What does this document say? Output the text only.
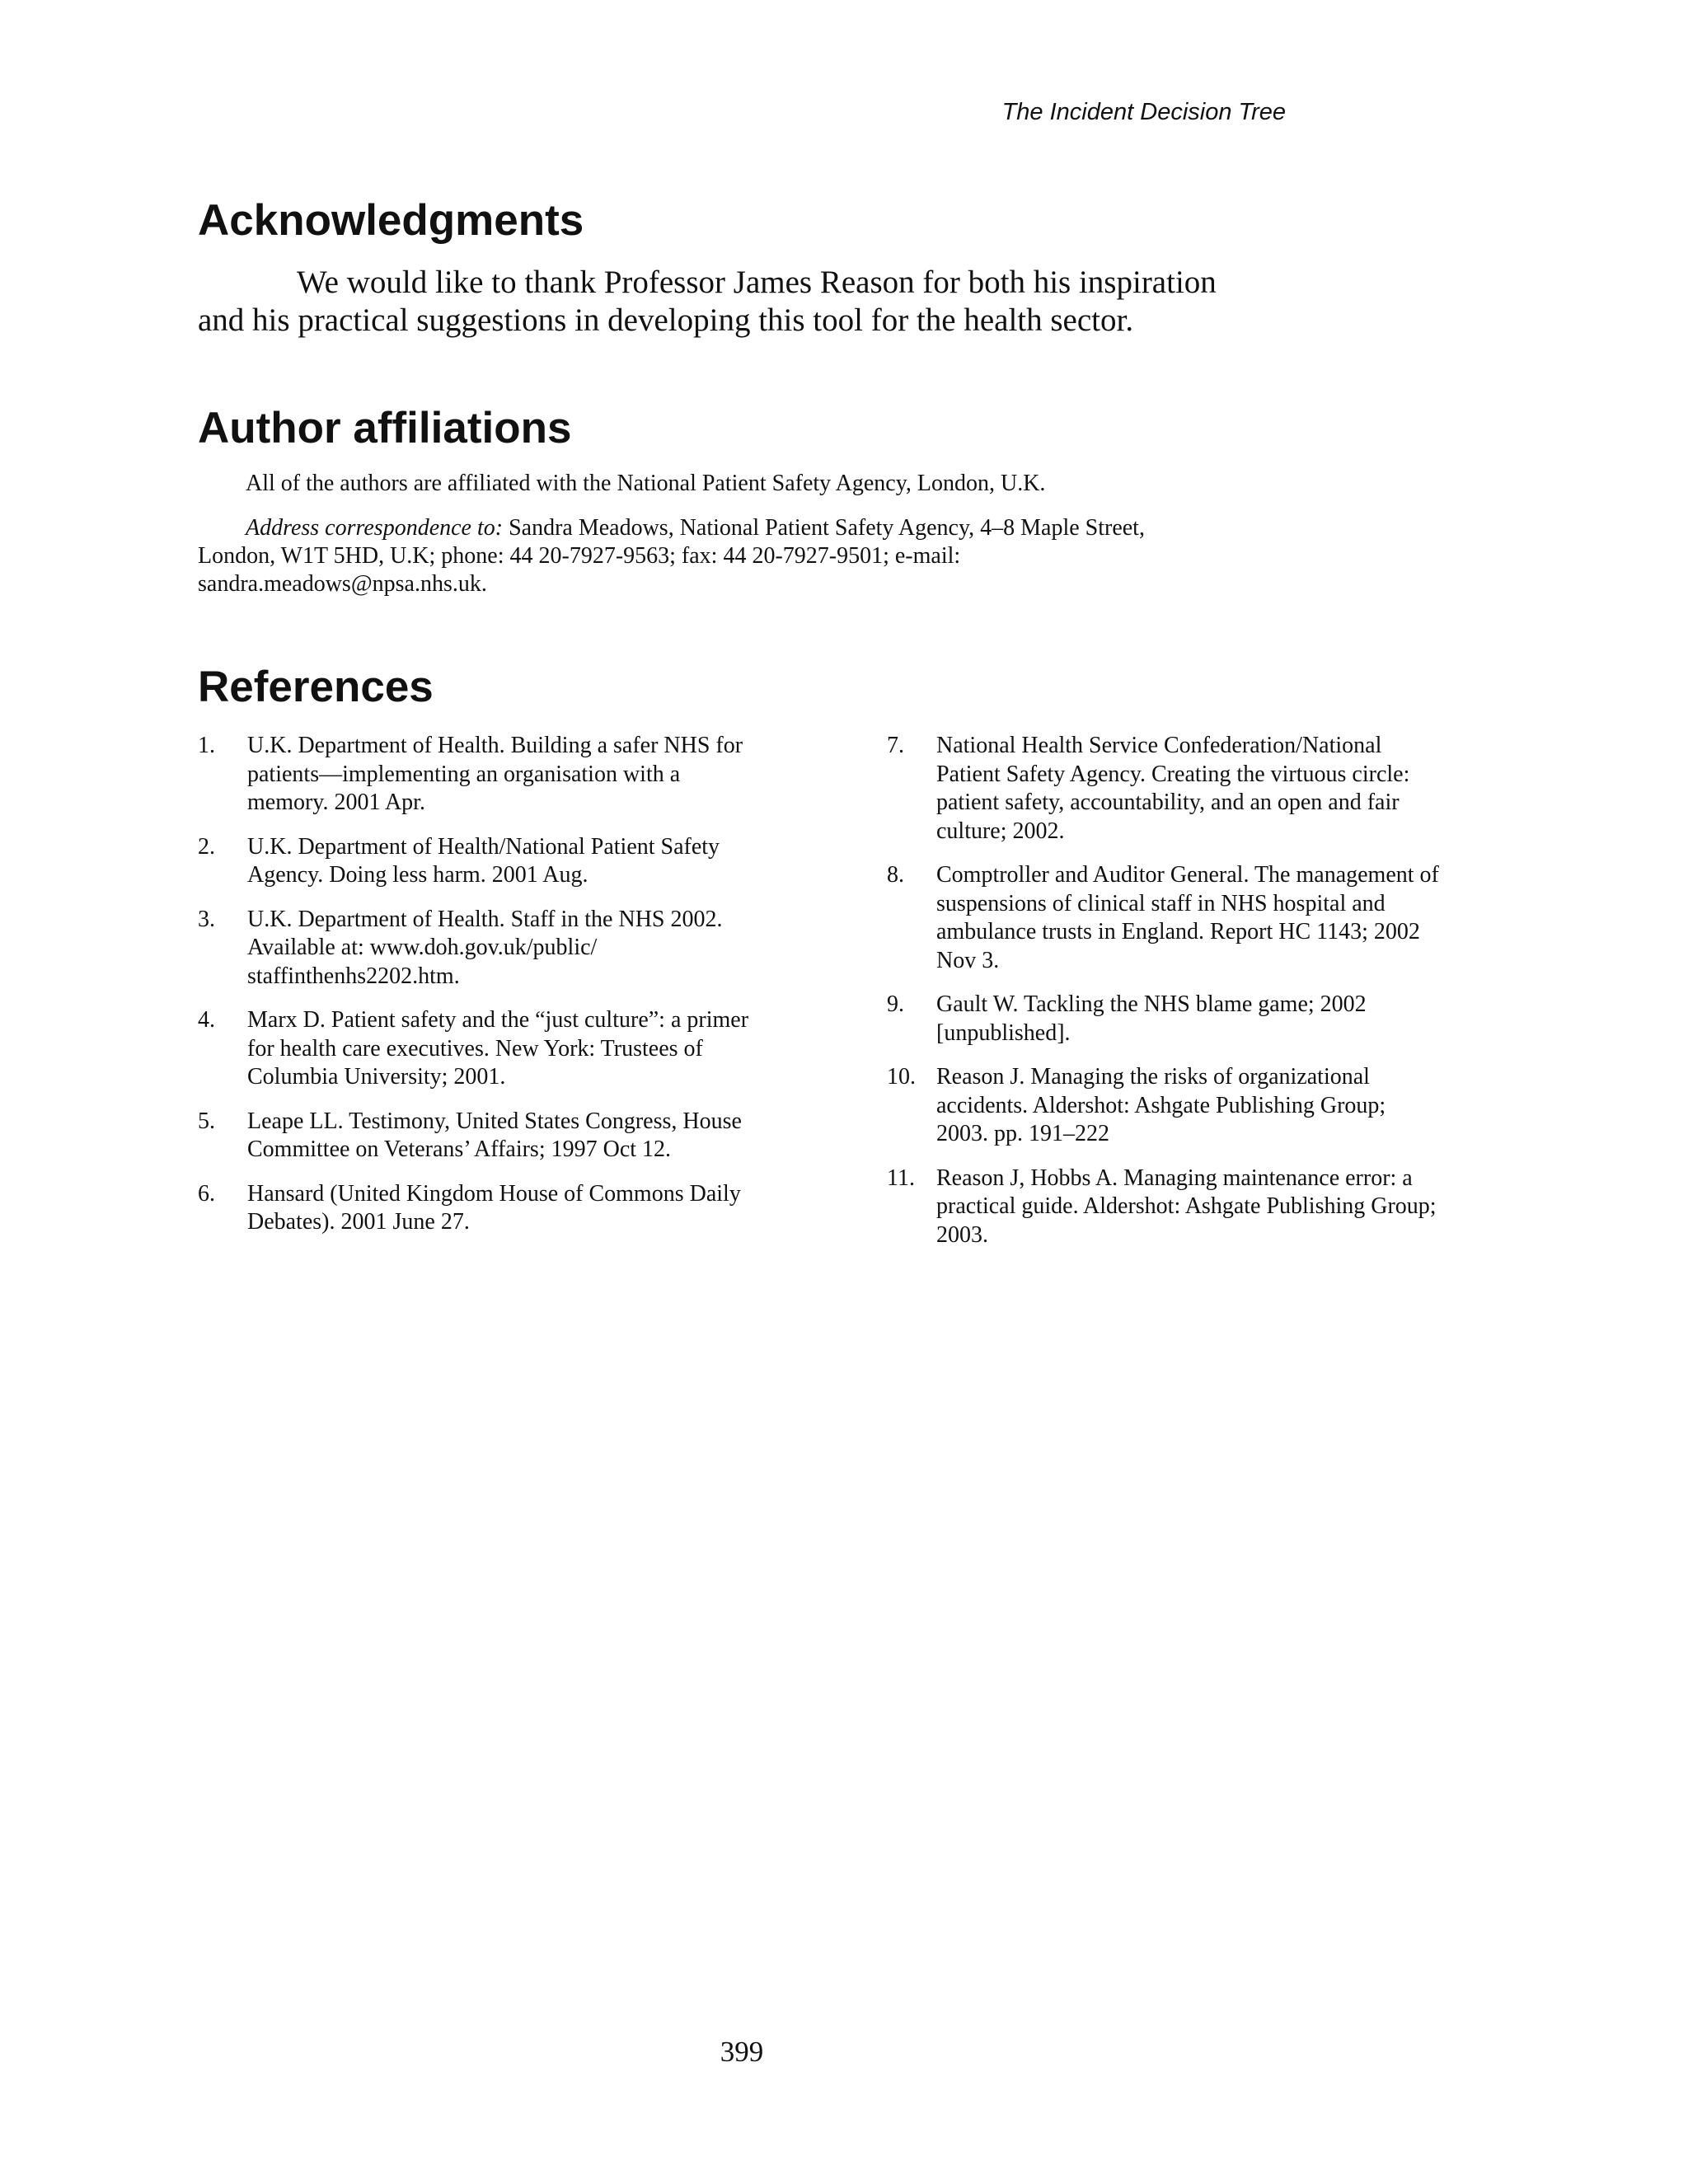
The Incident Decision Tree
Acknowledgments

We would like to thank Professor James Reason for both his inspiration
and his practical suggestions in developing this tool for the health sector.

Author affiliations

All of the authors are affiliated with the National Patient Safety Agency, London, U.K.

Address correspondence to: Sandra Meadows, National Patient Safety Agency, 4–8 Maple Street,
London, W1T 5HD, U.K; phone: 44 20-7927-9563; fax: 44 20-7927-9501; e-mail:
sandra.meadows@npsa.nhs.uk.

References
1.	U.K. Department of Health. Building a safer NHS for
patients—implementing an organisation with a
memory. 2001 Apr.
2.	U.K. Department of Health/National Patient Safety
Agency. Doing less harm. 2001 Aug.
3.	U.K. Department of Health. Staff in the NHS 2002.
Available at: www.doh.gov.uk/public/
staffinthenhs2202.htm.
4.	Marx D. Patient safety and the “just culture”: a primer
for health care executives. New York: Trustees of
Columbia University; 2001.
5.	Leape LL. Testimony, United States Congress, House
Committee on Veterans’ Affairs; 1997 Oct 12.
6.	Hansard (United Kingdom House of Commons Daily
Debates). 2001 June 27.
7.	National Health Service Confederation/National
Patient Safety Agency. Creating the virtuous circle:
patient safety, accountability, and an open and fair
culture; 2002.
8.	Comptroller and Auditor General. The management of
suspensions of clinical staff in NHS hospital and
ambulance trusts in England. Report HC 1143; 2002
Nov 3.
9.	Gault W. Tackling the NHS blame game; 2002
[unpublished].
10. Reason J. Managing the risks of organizational
accidents. Aldershot: Ashgate Publishing Group;
2003. pp. 191–222
11. Reason J, Hobbs A. Managing maintenance error: a
practical guide. Aldershot: Ashgate Publishing Group;
2003.
399
